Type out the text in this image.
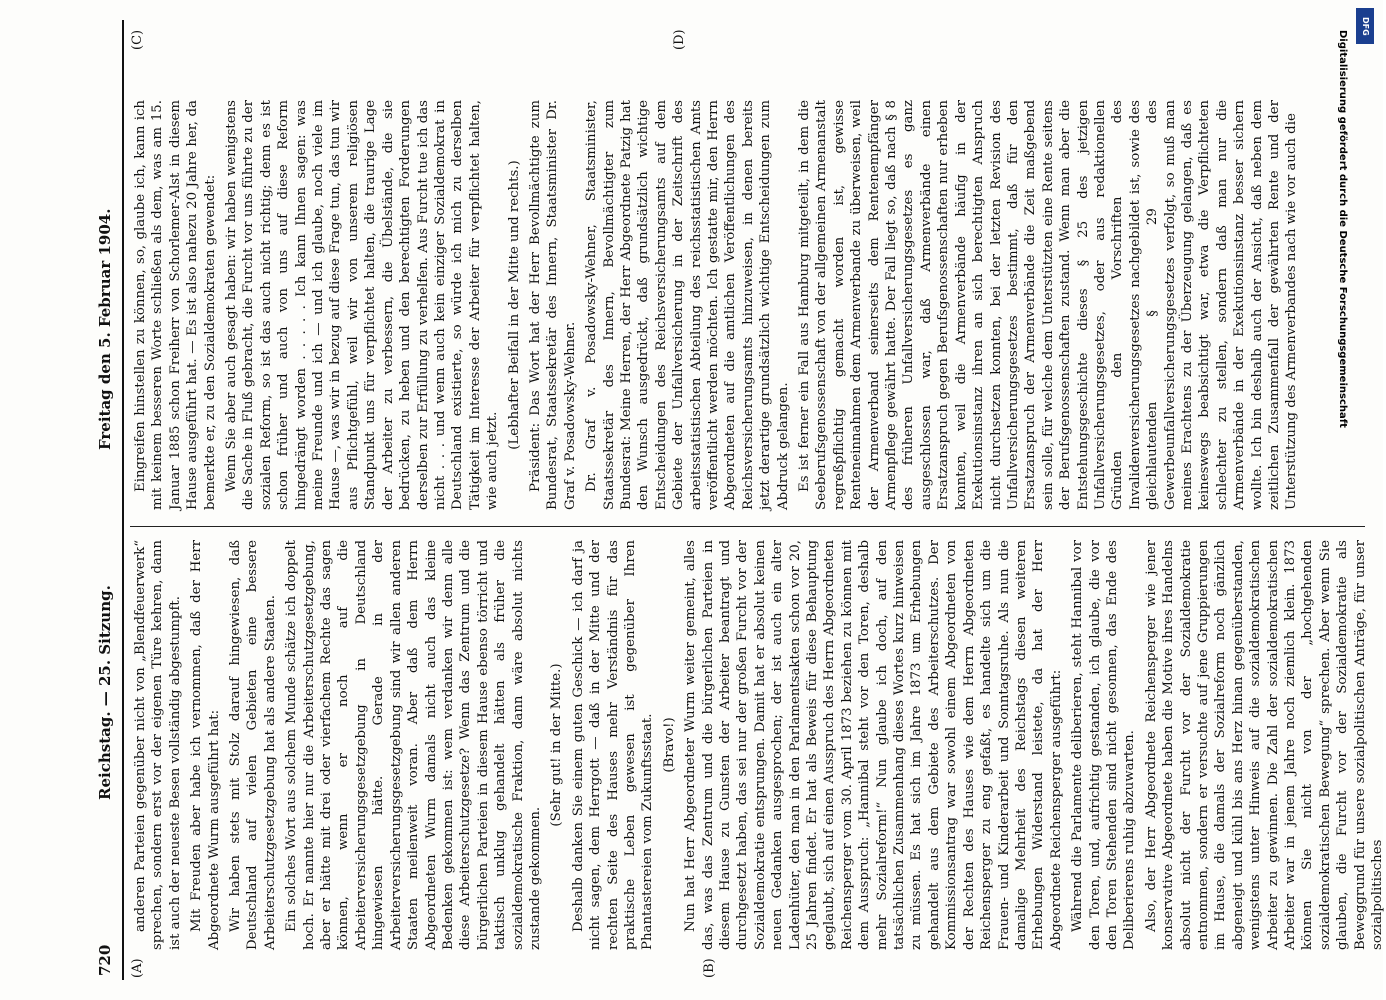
720
Reichstag. — 25. Sitzung.
Freitag den 5. Februar 1904.
(A)	(B)
(C)	(D)

anderen Parteien gegenüber nicht von „Blendfeuerwerk“ sprechen, sondern erst vor der eigenen Türe kehren, dann ist auch der neueste Besen vollständig abgestumpft. Mit Freuden aber habe ich vernommen, daß der Herr Abgeordnete Wurm ausgeführt hat: Wir haben stets mit Stolz darauf hingewiesen, daß Deutschland auf vielen Gebieten eine bessere Arbeiterschutzgesetzgebung hat als andere Staaten. Ein solches Wort aus solchem Munde schätze ich doppelt hoch. Er nannte hier nur die Arbeiterschutzgesetzgebung, aber er hätte mit drei oder vierfachem Rechte das sagen können, wenn er noch auf die Arbeiterversicherungsgesetzgebung in Deutschland hingewiesen hätte. Gerade in der Arbeiterversicherungsgesetzgebung sind wir allen anderen Staaten meilenweit voran. Aber daß dem Herrn Abgeordneten Wurm damals nicht auch das kleine Bedenken gekommen ist: wem verdanken wir denn alle diese Arbeiterschutzgesetze? Wenn das Zentrum und die bürgerlichen Parteien in diesem Hause ebenso törricht und taktisch unklug gehandelt hätten als früher die sozialdemokratische Fraktion, dann wäre absolut nichts zustande gekommen.

(Sehr gut! in der Mitte.) Deshalb danken Sie einem guten Geschick — ich darf ja nicht sagen, dem Herrgott — daß in der Mitte und der rechten Seite des Hauses mehr Verständnis für das praktische Leben gewesen ist gegenüber Ihren Phantastereien vom Zukunftsstaat. (Bravo!) Nun hat Herr Abgeordneter Wurm weiter gemeint, alles das, was das Zentrum und die bürgerlichen Parteien in diesem Hause zu Gunsten der Arbeiter beantragt und durchgesetzt haben, das sei nur der großen Furcht vor der Sozialdemokratie entsprungen. Damit hat er absolut keinen neuen Gedanken ausgesprochen; der ist auch ein alter Ladenhüter, den man in den Parlamentsakten schon vor 20, 25 Jahren findet. Er hat als Beweis für diese Behauptung geglaubt, sich auf einen Ausspruch des Herrn Abgeordneten Reichensperger vom 30. April 1873 beziehen zu können mit dem Ausspruch: „Hannibal steht vor den Toren, deshalb mehr Sozialreform!“ Nun glaube ich doch, auf den tatsächlichen Zusammenhang dieses Wortes kurz hinweisen zu müssen. Es hat sich im Jahre 1873 um Erhebungen gehandelt aus dem Gebiete des Arbeiterschutzes. Der Kommissionsantrag war sowohl einem Abgeordneten von der Rechten des Hauses wie dem Herrn Abgeordneten Reichensperger zu eng gefaßt, es handelte sich um die Frauen- und Kinderarbeit und Sonntagsruhe. Als nun die damalige Mehrheit des Reichstags diesen weiteren Erhebungen Widerstand leistete, da hat der Herr Abgeordnete Reichensperger ausgeführt: Während die Parlamente deliberieren, steht Hannibal vor den Toren, und, aufrichtig gestanden, ich glaube, die vor den Toren Stehenden sind nicht gesonnen, das Ende des Deliberierens ruhig abzuwarten. Also, der Herr Abgeordnete Reichensperger wie jener konservative Abgeordnete haben die Motive ihres Handelns absolut nicht der Furcht vor der Sozialdemokratie entnommen, sondern er versuchte auf jene Gruppierungen im Hause, die damals der Sozialreform noch gänzlich abgeneigt und kühl bis ans Herz hinan gegenüberstanden, wenigstens unter Hinweis auf die sozialdemokratischen Arbeiter zu gewinnen. Die Zahl der sozialdemokratischen Arbeiter war in jenem Jahre noch ziemlich klein. 1873 können Sie nicht von der „hochgehenden sozialdemokratischen Bewegung“ sprechen. Aber wenn Sie glauben, die Furcht vor der Sozialdemokratie als Beweggrund für unsere sozialpolitischen Anträge, für unser sozialpolitisches

Eingreifen hinstellen zu können, so, glaube ich, kann ich mit keinem besseren Worte schließen als dem, was am 15. Januar 1885 schon Freiherr von Schorlemer-Alst in diesem Hause ausgeführt hat. — Es ist also nahezu 20 Jahre her, da bemerkte er, zu den Sozialdemokraten gewendet: Wenn Sie aber auch gesagt haben: wir haben wenigstens die Sache in Fluß gebracht, die Furcht vor uns führte zu der sozialen Reform, so ist das auch nicht richtig; denn es ist schon früher und auch von uns auf diese Reform hingedrängt worden . . . . . Ich kann Ihnen sagen: was meine Freunde und ich — und ich glaube, noch viele im Hause —, was wir in bezug auf diese Frage tun, das tun wir aus Pflichtgefühl, weil wir von unserem religiösen Standpunkt uns für verpflichtet halten, die traurige Lage der Arbeiter zu verbessern, die Übelstände, die sie bedrücken, zu heben und den berechtigten Forderungen derselben zur Erfüllung zu verhelfen. Aus Furcht tue ich das nicht . . . und wenn auch kein einziger Sozialdemokrat in Deutschland existierte, so würde ich mich zu derselben Tätigkeit im Interesse der Arbeiter für verpflichtet halten, wie auch jetzt.

(Lebhafter Beifall in der Mitte und rechts.) Präsident: Das Wort hat der Herr Bevollmächtigte zum Bundesrat, Staatssekretär des Innern, Staatsminister Dr. Graf v. Posadowsky-Wehner. Dr. Graf v. Posadowsky-Wehner, Staatsminister, Staatssekretär des Innern, Bevollmächtigter zum Bundesrat: Meine Herren, der Herr Abgeordnete Patzig hat den Wunsch ausgedrückt, daß grundsätzlich wichtige Entscheidungen des Reichsversicherungsamts auf dem Gebiete der Unfallversicherung in der Zeitschrift des arbeitsstatistischen Abteilung des reichsstatistischen Amts veröffentlicht werden möchten. Ich gestatte mir, den Herrn Abgeordneten auf die amtlichen Veröffentlichungen des Reichsversicherungsamts hinzuweisen, in denen bereits jetzt derartige grundsätzlich wichtige Entscheidungen zum Abdruck gelangen. Es ist ferner ein Fall aus Hamburg mitgeteilt, in dem die Seeberufsgenossenschaft von der allgemeinen Armenanstalt regreßpflichtig gemacht worden ist, gewisse Renteneinnahmen dem Armenverbande zu überweisen, weil der Armenverband seinerseits dem Rentenempfänger Armenpflege gewährt hatte. Der Fall liegt so, daß nach § 8 des früheren Unfallversicherungsgesetzes es ganz ausgeschlossen war, daß Armenverbände einen Ersatzanspruch gegen Berufsgenossenschaften nur erheben konnten, weil die Armenverbände häufig in der Exekutionsinstanz ihren an sich berechtigten Anspruch nicht durchsetzen konnten, bei der letzten Revision des Unfallversicherungsgesetzes bestimmt, daß für den Ersatzanspruch der Armenverbände die Zeit maßgebend sein solle, für welche dem Unterstützten eine Rente seitens der Berufsgenossenschaften zustand. Wenn man aber die Entstehungsgeschichte dieses § 25 des jetzigen Unfallversicherungsgesetzes, oder aus redaktionellen Gründen den Vorschriften des Invalidenversicherungsgesetzes nachgebildet ist, sowie des gleichlautenden § 29 des Gewerbeunfallversicherungsgesetzes verfolgt, so muß man meines Erachtens zu der Überzeugung gelangen, daß es keineswegs beabsichtigt war, etwa die Verpflichteten schlechter zu stellen, sondern daß man nur die Armenverbände in der Exekutionsinstanz besser sichern wollte. Ich bin deshalb auch der Ansicht, daß neben dem zeitlichen Zusammenfall der gewährten Rente und der Unterstützung des Armenverbandes nach wie vor auch die	Digitalisierung gefördert durch die Deutsche Forschungsgemeinschaft
DFG
